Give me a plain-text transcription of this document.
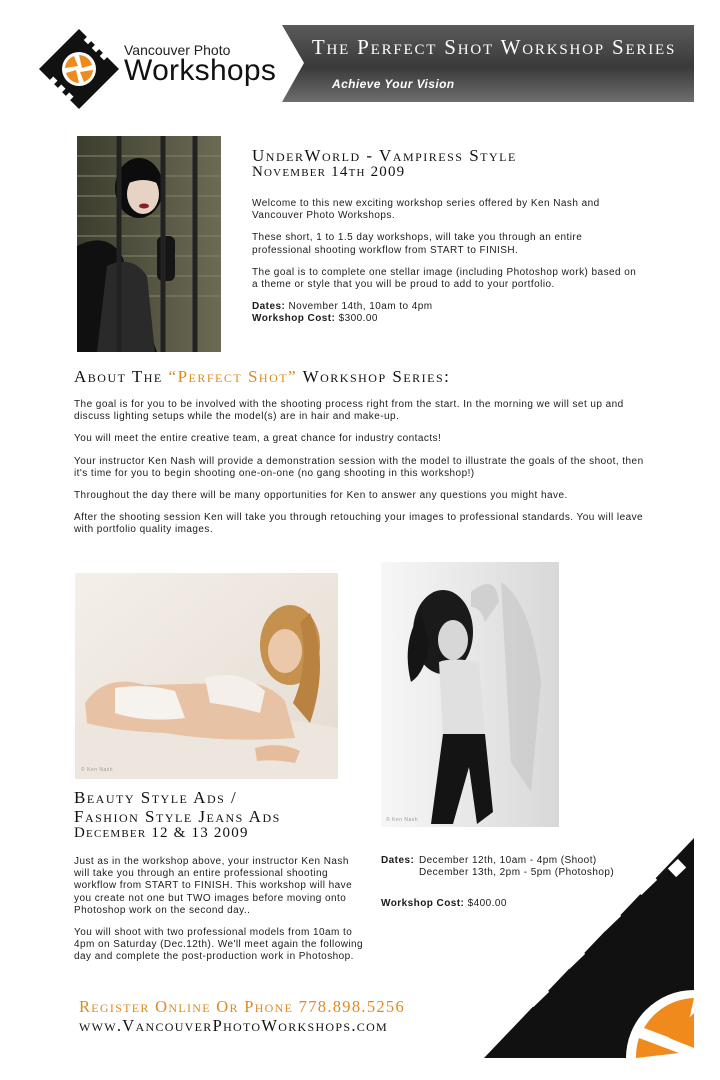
Vancouver Photo
Workshops
The Perfect Shot Workshop Series
Achieve Your Vision
UnderWorld - Vampiress Style
November 14th 2009

Welcome to this new exciting workshop series offered by Ken Nash and Vancouver Photo Workshops.

These short, 1 to 1.5 day workshops, will take you through an entire professional shooting workflow from START to FINISH.

The goal is to complete one stellar image (including Photoshop work) based on a theme or style that you will be proud to add to your portfolio.

Dates: November 14th, 10am to 4pm
Workshop Cost: $300.00
About The “Perfect Shot” Workshop Series:

The goal is for you to be involved with the shooting process right from the start. In the morning we will set up and discuss lighting setups while the model(s) are in hair and make-up.

You will meet the entire creative team, a great chance for industry contacts!

Your instructor Ken Nash will provide a demonstration session with the model to illustrate the goals of the shoot, then it's time for you to begin shooting one-on-one (no gang shooting in this workshop!)

Throughout the day there will be many opportunities for Ken to answer any questions you might have.

After the shooting session Ken will take you through retouching your images to professional standards. You will leave with portfolio quality images.

© Ken Nash
© Ken Nash
Beauty Style Ads /
Fashion Style Jeans Ads
December 12 & 13 2009

Just as in the workshop above, your instructor Ken Nash will take you through an entire professional shooting workflow from START to FINISH. This workshop will have you create not one but TWO images before moving onto Photoshop work on the second day..

You will shoot with two professional models from 10am to 4pm on Saturday (Dec.12th). We'll meet again the following day and complete the post-production work in Photoshop.

Dates: December 12th, 10am - 4pm (Shoot)
December 13th, 2pm - 5pm (Photoshop)
Workshop Cost: $400.00
Register Online Or Phone 778.898.5256
www.VancouverPhotoWorkshops.com
